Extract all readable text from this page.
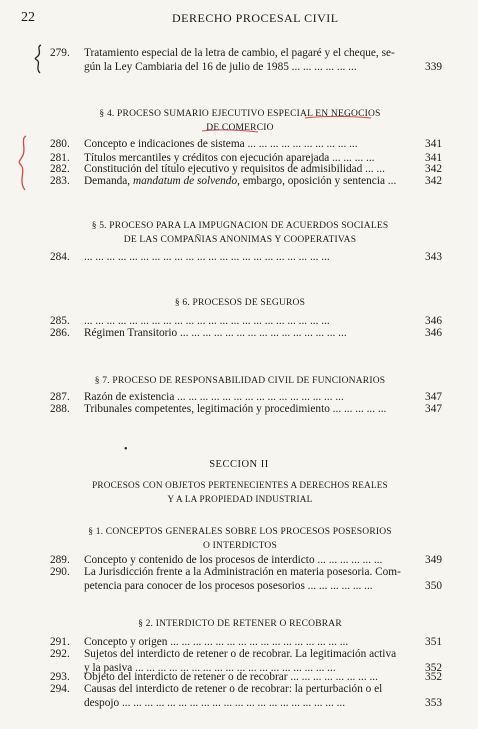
22	DERECHO PROCESAL CIVIL
279.	Tratamiento especial de la letra de cambio, el pagaré y el cheque, se-
gún la Ley Cambiaria del 16 de julio de 1985 ... ... ... ... ... ...	339
§ 4. PROCESO SUMARIO EJECUTIVO ESPECIAL EN NEGOCIOS
DE COMERCIO
280.	Concepto e indicaciones de sistema ... ... ... ... ... ... ... ... ... ...	341
281.	Títulos mercantiles y créditos con ejecución aparejada ... ... ... ...	341
282.	Constitución del título ejecutivo y requisitos de admisibilidad ... ...	342
283.	Demanda, mandatum de solvendo, embargo, oposición y sentencia ...	342
§ 5. PROCESO PARA LA IMPUGNACION DE ACUERDOS SOCIALES
DE LAS COMPAÑIAS ANONIMAS Y COOPERATIVAS
284.	... ... ... ... ... ... ... ... ... ... ... ... ... ... ... ... ... ... ... ... ... ...	343
§ 6. PROCESOS DE SEGUROS
285.	... ... ... ... ... ... ... ... ... ... ... ... ... ... ... ... ... ... ... ... ... ...	346
286.	Régimen Transitorio ... ... ... ... ... ... ... ... ... ... ... ... ... ... ...	346
§ 7. PROCESO DE RESPONSABILIDAD CIVIL DE FUNCIONARIOS
287.	Razón de existencia ... ... ... ... ... ... ... ... ... ... ... ... ... ... ...	347
288.	Tribunales competentes, legitimación y procedimiento ... ... ... ... ...	347
•
SECCION II
PROCESOS CON OBJETOS PERTENECIENTES A DERECHOS REALES
Y A LA PROPIEDAD INDUSTRIAL
§ 1. CONCEPTOS GENERALES SOBRE LOS PROCESOS POSESORIOS
O INTERDICTOS
289.	Concepto y contenido de los procesos de interdicto ... ... ... ... ... ...	349
290.	La Jurisdicción frente a la Administración en materia posesoria. Com-
petencia para conocer de los procesos posesorios ... ... ... ... ... ...	350
§ 2. INTERDICTO DE RETENER O RECOBRAR
291.	Concepto y origen ... ... ... ... ... ... ... ... ... ... ... ... ... ... ... ...	351
292.	Sujetos del interdicto de retener o de recobrar. La legitimación activa
y la pasiva ... ... ... ... ... ... ... ... ... ... ... ... ... ... ... ... ... ...	352
293.	Objeto del interdicto de retener o de recobrar ... ... ... ... ... ... ... ...	352
294.	Causas del interdicto de retener o de recobrar: la perturbación o el
despojo ... ... ... ... ... ... ... ... ... ... ... ... ... ... ... ... ... ... ... ...	353
